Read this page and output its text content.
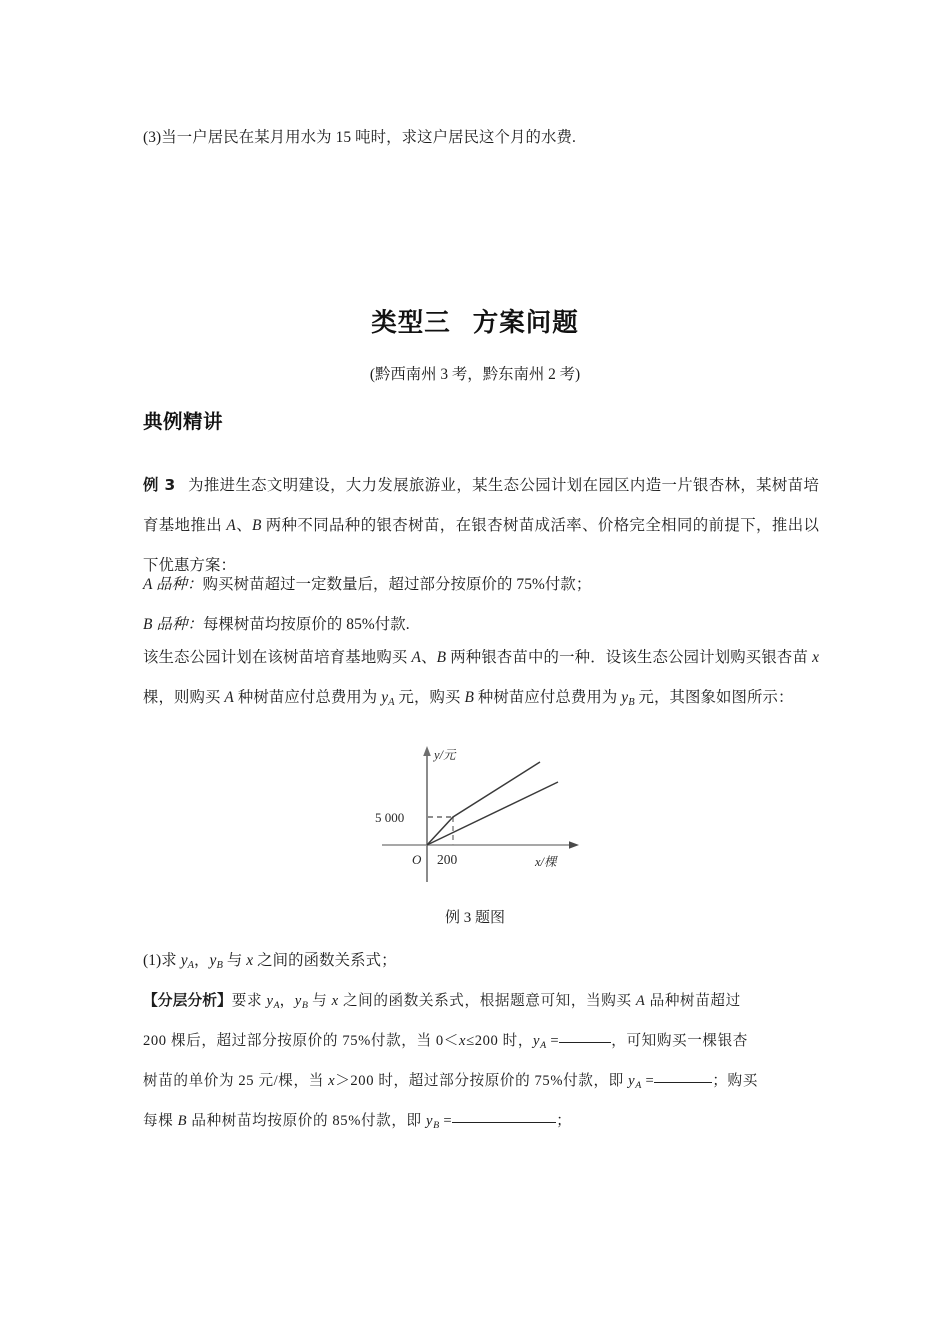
(3)当一户居民在某月用水为 15 吨时，求这户居民这个月的水费.
类型三 方案问题
(黔西南州 3 考，黔东南州 2 考)
典例精讲
例 3 为推进生态文明建设，大力发展旅游业，某生态公园计划在园区内造一片银杏林，某树苗培育基地推出 A、B 两种不同品种的银杏树苗，在银杏树苗成活率、价格完全相同的前提下，推出以下优惠方案：
A 品种：购买树苗超过一定数量后，超过部分按原价的 75%付款；
B 品种：每棵树苗均按原价的 85%付款.
该生态公园计划在该树苗培育基地购买 A、B 两种银杏苗中的一种．设该生态公园计划购买银杏苗 x 棵，则购买 A 种树苗应付总费用为 $y_A$ 元，购买 B 种树苗应付总费用为 $y_B$ 元，其图象如图所示：
y/元
x/棵
5 000
O 200
例 3 题图
(1)求 $y_A$，$y_B$ 与 x 之间的函数关系式；
【分层分析】要求 $y_A$，$y_B$ 与 x 之间的函数关系式，根据题意可知，当购买 A 品种树苗超过
200 棵后，超过部分按原价的 75%付款，当 0＜x≤200 时，$y_A$ =	，可知购买一棵银杏
树苗的单价为 25 元/棵，当 x＞200 时，超过部分按原价的 75%付款，即 $y_A$ =	；购买
每棵 B 品种树苗均按原价的 85%付款，即 $y_B$ =	；
